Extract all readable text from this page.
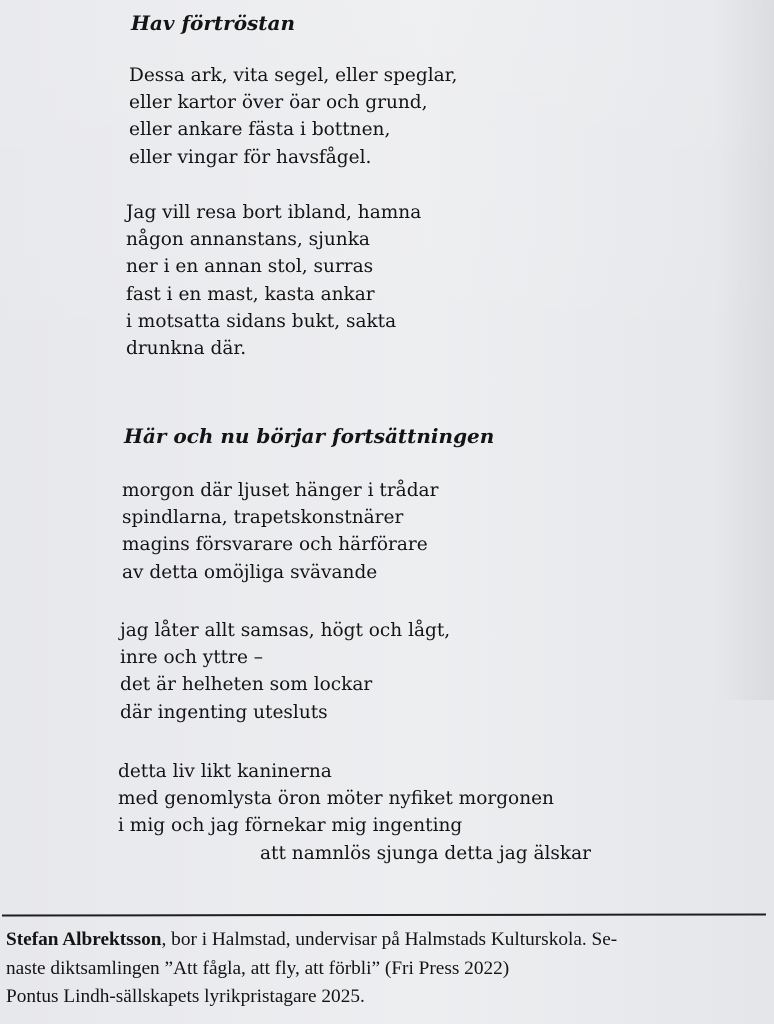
Hav förtröstan

Dessa ark, vita segel, eller speglar,
eller kartor över öar och grund,
eller ankare fästa i bottnen,
eller vingar för havsfågel.

Jag vill resa bort ibland, hamna
någon annanstans, sjunka
ner i en annan stol, surras
fast i en mast, kasta ankar
i motsatta sidans bukt, sakta
drunkna där.

Här och nu börjar fortsättningen

morgon där ljuset hänger i trådar
spindlarna, trapetskonstnärer
magins försvarare och härförare
av detta omöjliga svävande

jag låter allt samsas, högt och lågt,
inre och yttre –
det är helheten som lockar
där ingenting utesluts

detta liv likt kaninerna
med genomlysta öron möter nyfiket morgonen
i mig och jag förnekar mig ingenting
att namnlös sjunga detta jag älskar

Stefan Albrektsson, bor i Halmstad, undervisar på Halmstads Kulturskola. Se-
naste diktsamlingen ”Att fågla, att fly, att förbli” (Fri Press 2022)
Pontus Lindh-sällskapets lyrikpristagare 2025.
